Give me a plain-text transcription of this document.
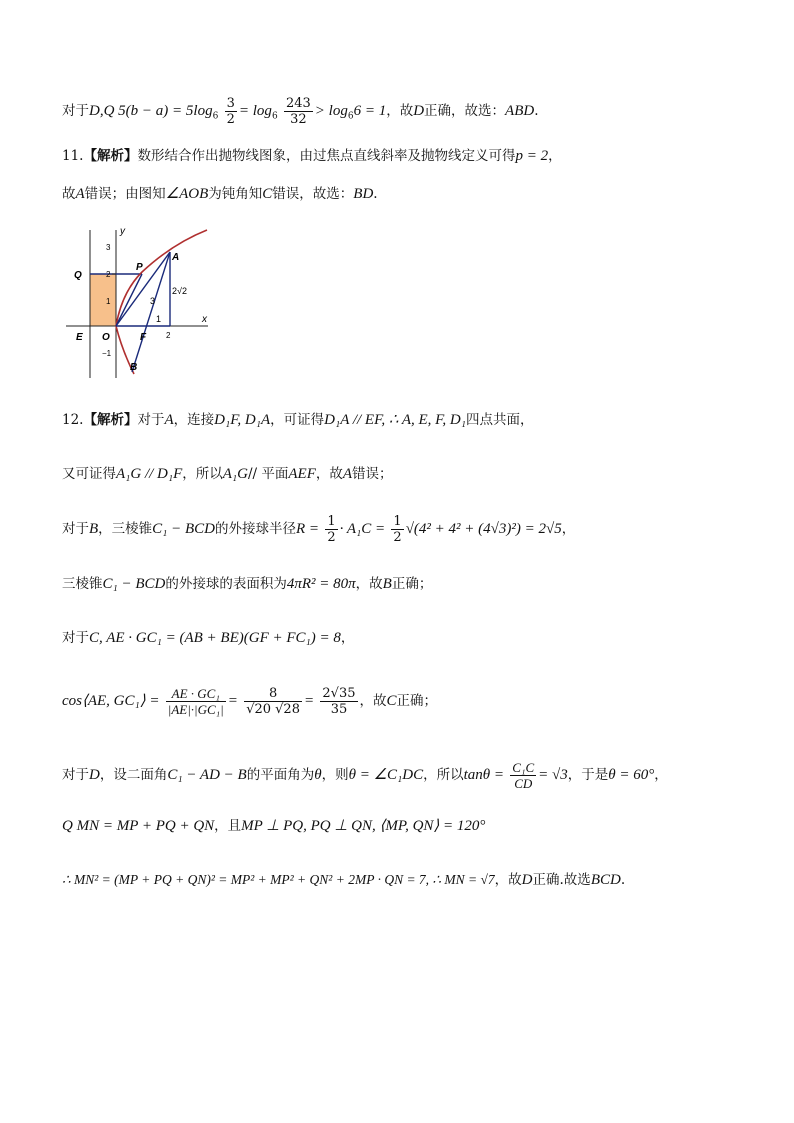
对于D,Q $5(b - a) = 5\log_6 \frac{3}{2} = \log_6 \frac{243}{32} > \log_66 = 1$，故D正确，故选：ABD.
11.【解析】数形结合作出抛物线图象，由过焦点直线斜率及抛物线定义可得p = 2，
故A错误；由图知∠AOB为钝角知C错误，故选：BD.
y
x
3
2
1
−1
2
Q
P
A
O	F
E
B
3
1
2√2
12.【解析】对于A，连接D₁F, D₁A，可证得D₁A // EF, ∴ A, E, F, D₁四点共面，
又可证得A₁G // D₁F，所以A₁G// 平面AEF，故A错误；
对于B，三棱锥C₁ − BCD的外接球半径$R = \frac{1}{2} \cdot A_1C = \frac{1}{2} √(4^2 + 4^2 + (4√3)^2) = 2√5$，
三棱锥C₁ − BCD的外接球的表面积为4πR² = 80π，故B正确；
对于C, AE · GC₁ = (AB + BE)(GF + FC₁) = 8，
cos⟨AE, GC₁⟩ = $\frac{\text{AE · GC₁}}{\text{|AE|·|GC₁|}} = \frac{8}{√20 √28} = \frac{2√35}{35}$ ，故C正确；
对于D，设二面角C₁ − AD − B的平面角为θ，则θ = ∠C₁DC，所以$\tan\theta = \frac{\text{C₁C}}{CD} = √3$，于是θ = 60°，
Q MN = MP + PQ + QN，且MP ⊥ PQ, PQ ⊥ QN, ⟨MP, QN⟩ = 120°
∴ MN² = (MP + PQ + QN)² = MP² + MP² + QN² + 2MP · QN = 7, ∴ MN = √7，故D正确.故选BCD.
